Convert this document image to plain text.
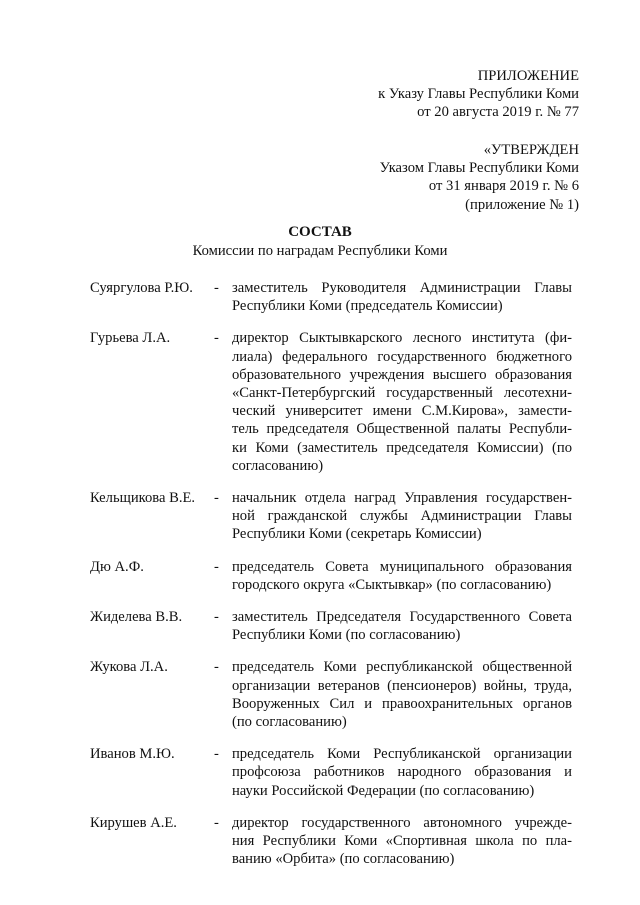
ПРИЛОЖЕНИЕ
к Указу Главы Республики Коми
от 20 августа 2019 г. № 77
«УТВЕРЖДЕН
Указом Главы Республики Коми
от 31 января 2019 г. № 6
(приложение № 1)
СОСТАВ
Комиссии по наградам Республики Коми
Суяргулова Р.Ю.	- заместитель Руководителя Администрации Главы
Республики Коми (председатель Комиссии)
Гурьева Л.А.	- директор Сыктывкарского лесного института (фи-
лиала) федерального государственного бюджетного
образовательного учреждения высшего образования
«Санкт-Петербургский государственный лесотехни-
ческий университет имени С.М.Кирова», замести-
тель председателя Общественной палаты Республи-
ки Коми (заместитель председателя Комиссии) (по
согласованию)
Кельщикова В.Е.	- начальник отдела наград Управления государствен-
ной гражданской службы Администрации Главы
Республики Коми (секретарь Комиссии)
Дю А.Ф.	- председатель Совета муниципального образования
городского округа «Сыктывкар» (по согласованию)
Жиделева В.В.	- заместитель Председателя Государственного Совета
Республики Коми (по согласованию)
Жукова Л.А.	- председатель Коми республиканской общественной
организации ветеранов (пенсионеров) войны, труда,
Вооруженных Сил и правоохранительных органов
(по согласованию)
Иванов М.Ю.	- председатель Коми Республиканской организации
профсоюза работников народного образования и
науки Российской Федерации (по согласованию)
Кирушев А.Е.	- директор государственного автономного учрежде-
ния Республики Коми «Спортивная школа по пла-
ванию «Орбита» (по согласованию)
